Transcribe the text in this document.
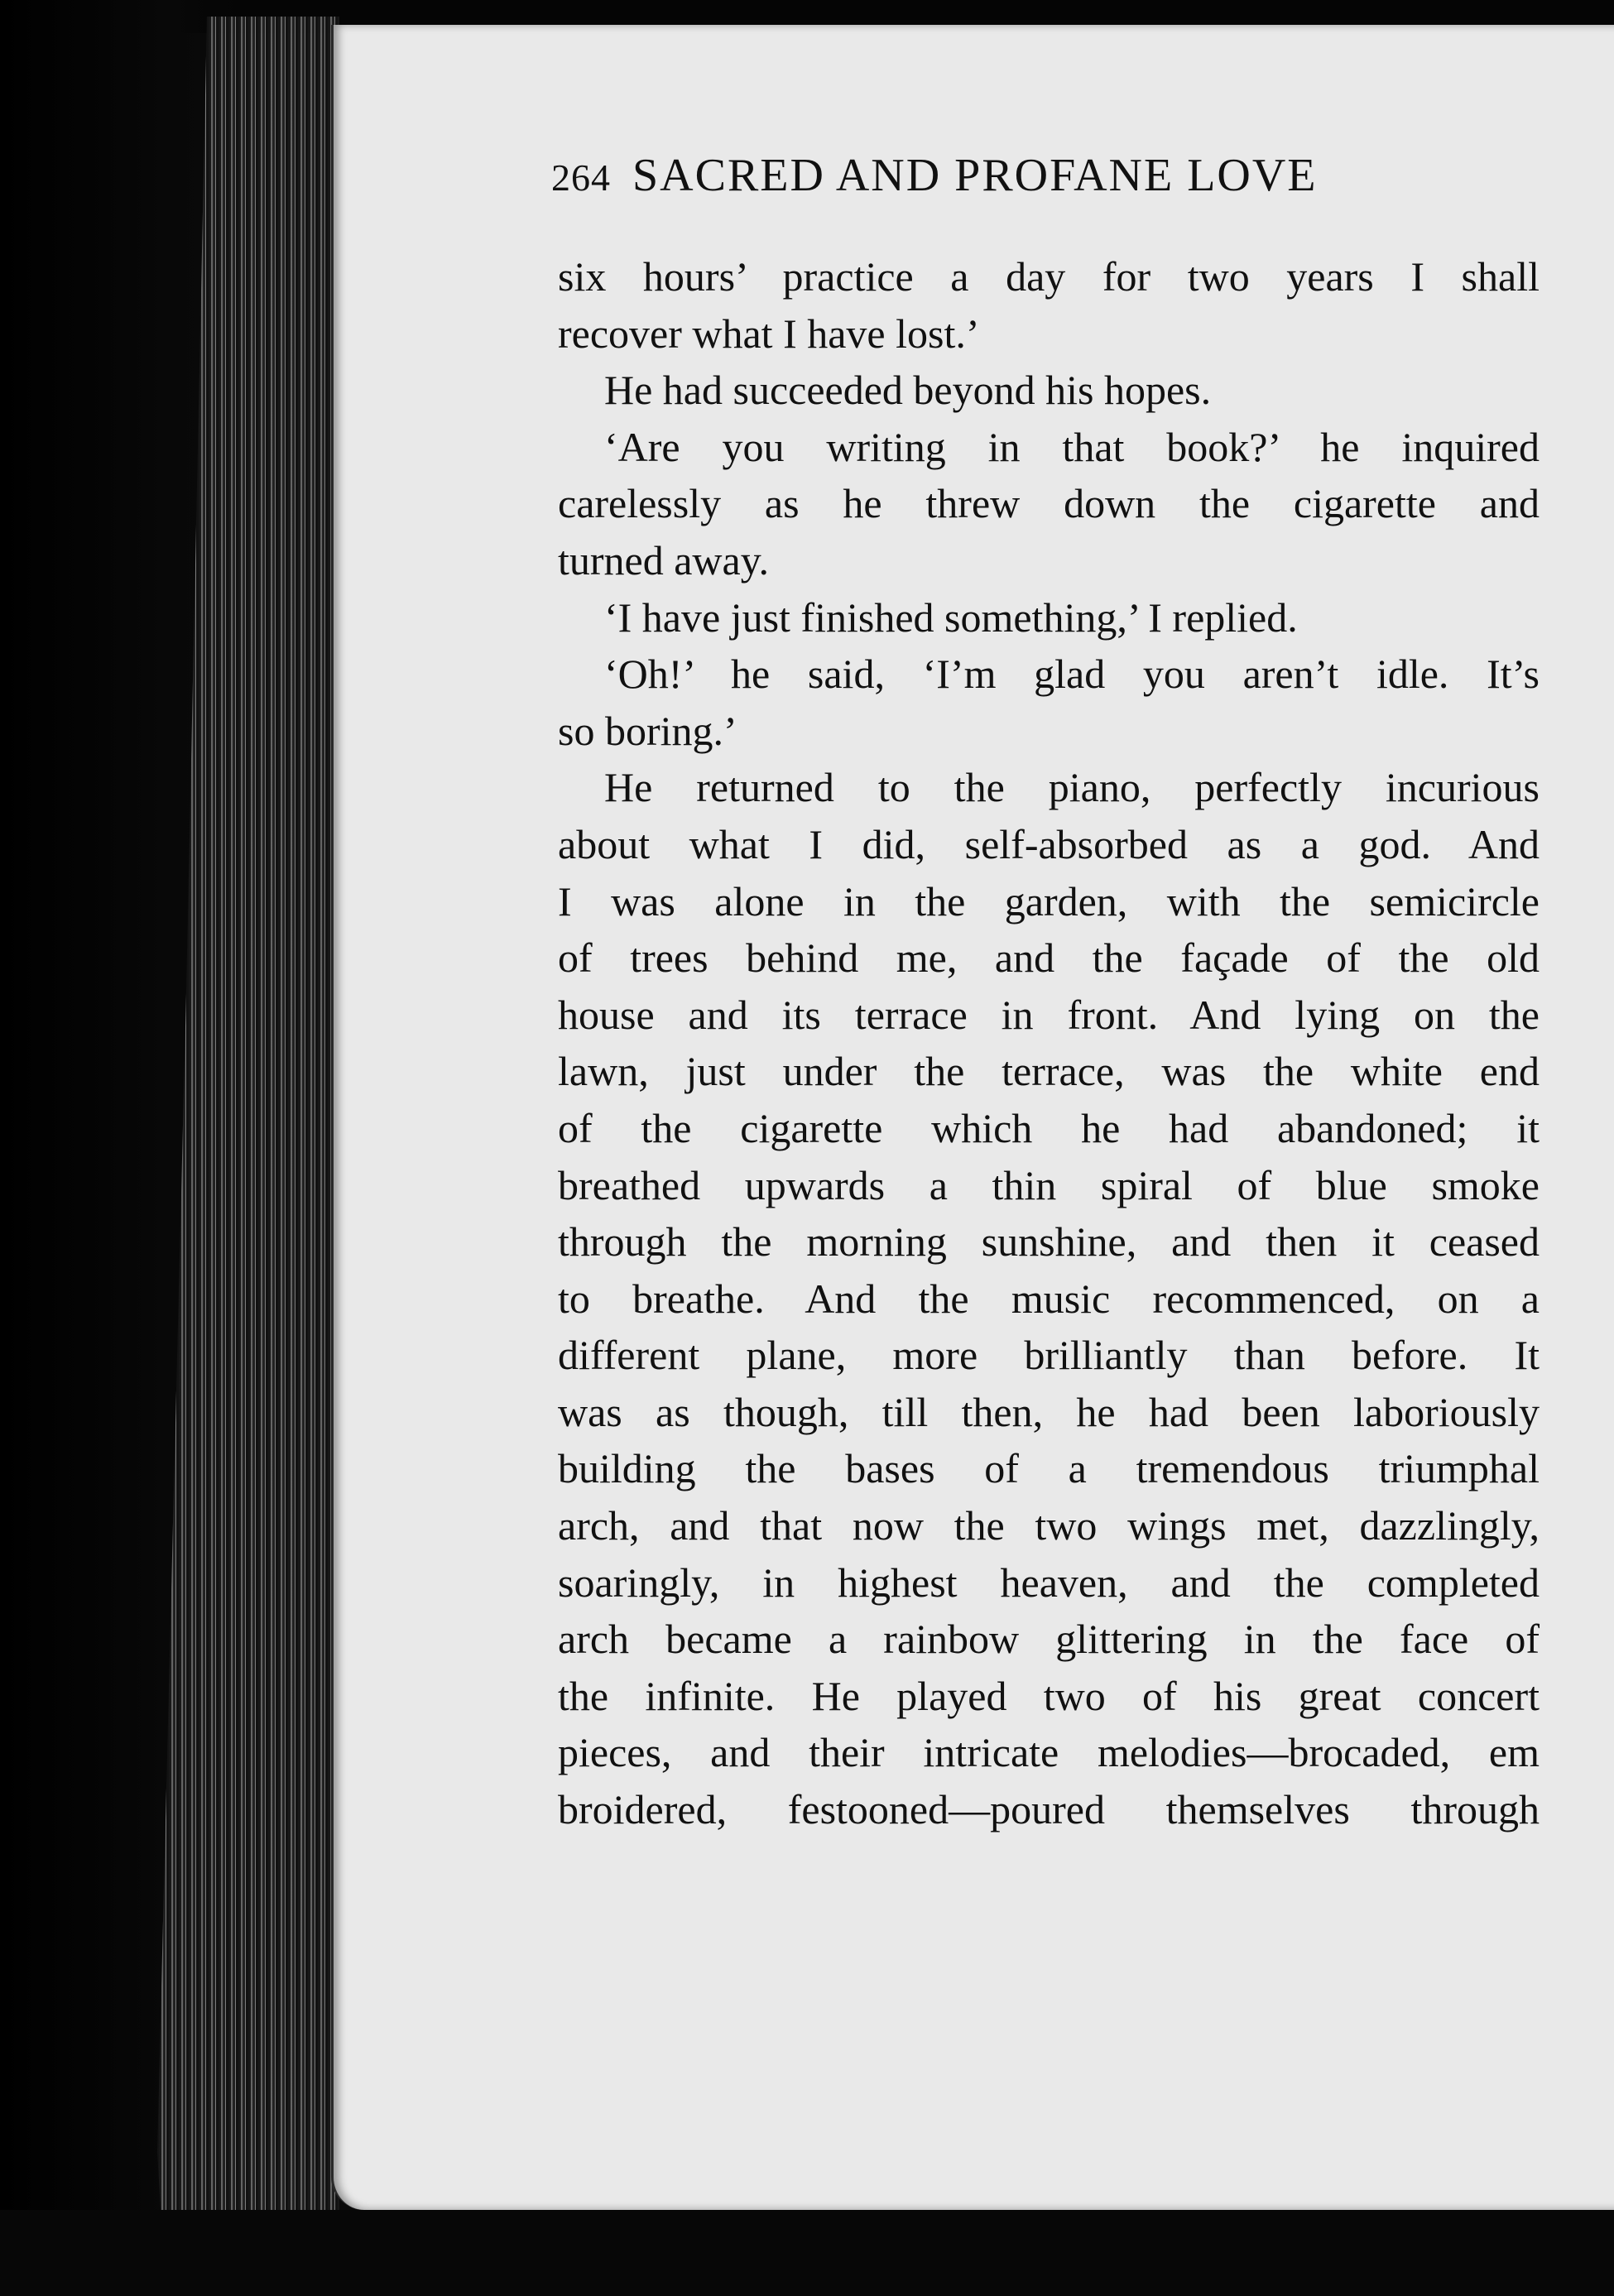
264 SACRED AND PROFANE LOVE
six hours’ practice a day for two years I shall
recover what I have lost.’
He had succeeded beyond his hopes.
‘Are you writing in that book?’ he inquired
carelessly as he threw down the cigarette and
turned away.
‘I have just finished something,’ I replied.
‘Oh!’ he said, ‘I’m glad you aren’t idle. It’s
so boring.’
He returned to the piano, perfectly incurious
about what I did, self-absorbed as a god. And
I was alone in the garden, with the semicircle
of trees behind me, and the façade of the old
house and its terrace in front. And lying on the
lawn, just under the terrace, was the white end
of the cigarette which he had abandoned; it
breathed upwards a thin spiral of blue smoke
through the morning sunshine, and then it ceased
to breathe. And the music recommenced, on a
different plane, more brilliantly than before. It
was as though, till then, he had been laboriously
building the bases of a tremendous triumphal
arch, and that now the two wings met, dazzlingly,
soaringly, in highest heaven, and the completed
arch became a rainbow glittering in the face of
the infinite. He played two of his great concert
pieces, and their intricate melodies—brocaded, em
broidered, festooned—poured themselves through
